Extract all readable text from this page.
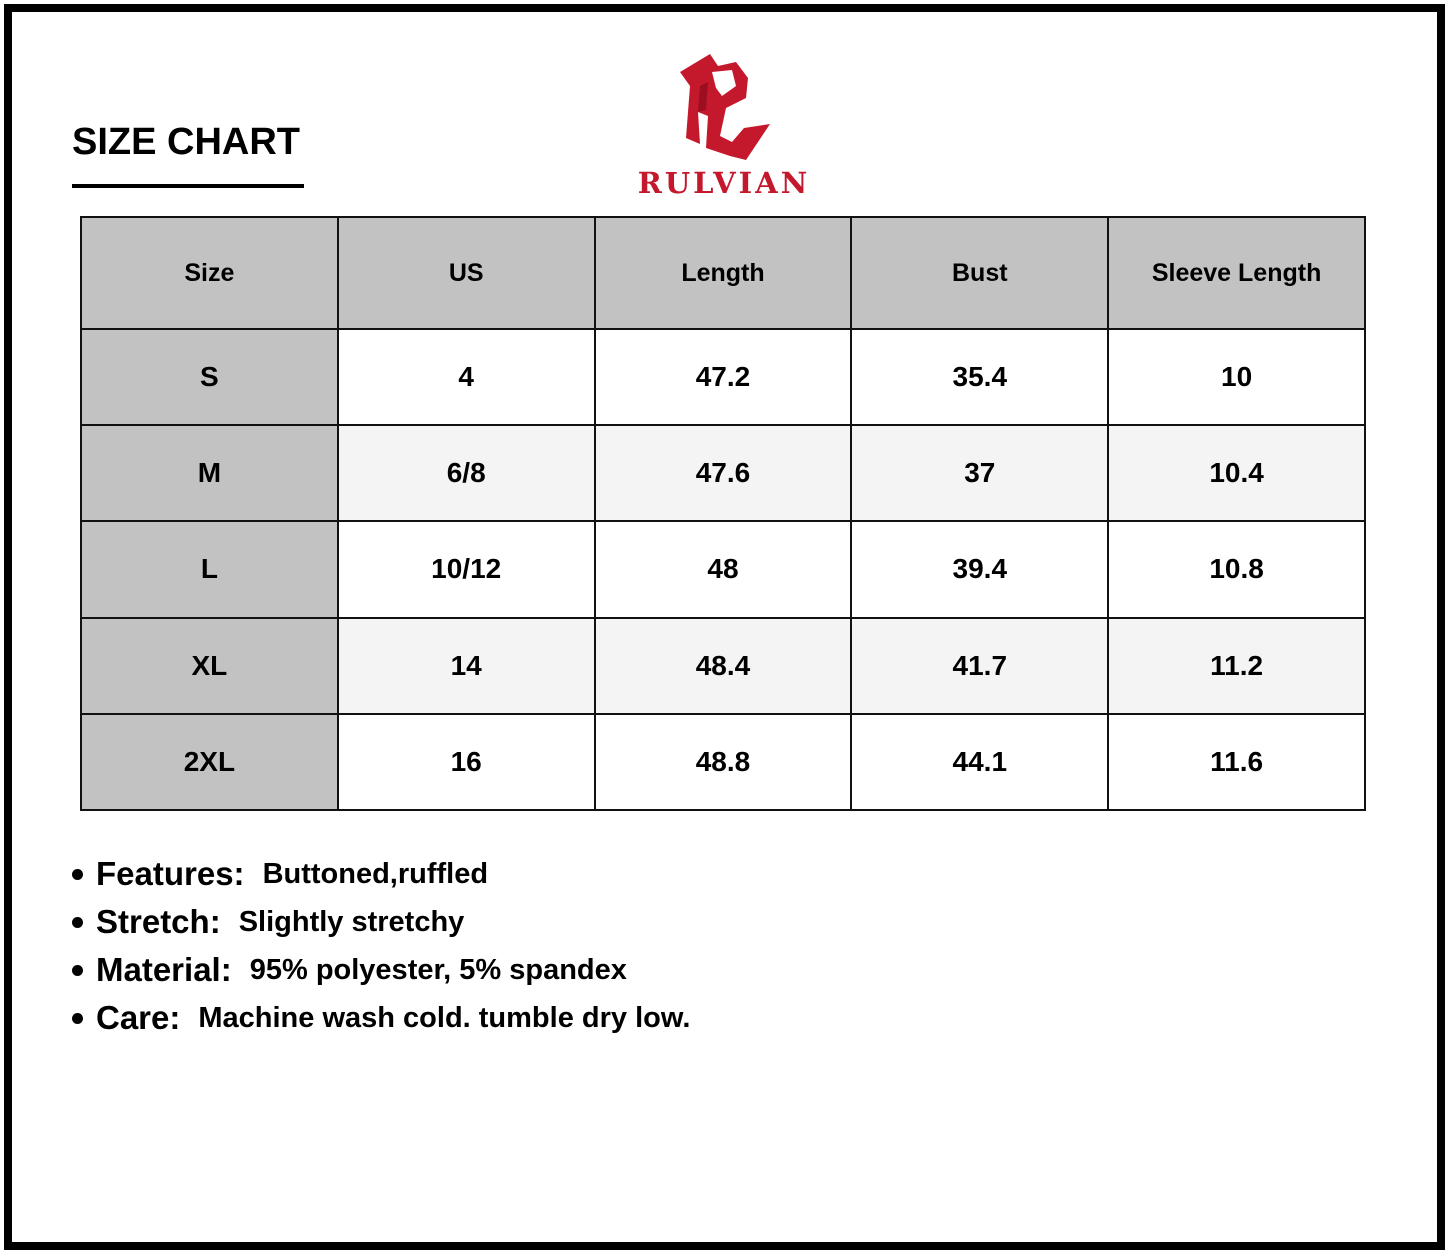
SIZE CHART
RULVIAN
Size	US	Length	Bust	Sleeve Length
S	4	47.2	35.4	10
M	6/8	47.6	37	10.4
L	10/12	48	39.4	10.8
XL	14	48.4	41.7	11.2
2XL	16	48.8	44.1	11.6
Features: Buttoned,ruffled
Stretch: Slightly stretchy
Material: 95% polyester, 5% spandex
Care: Machine wash cold. tumble dry low.
